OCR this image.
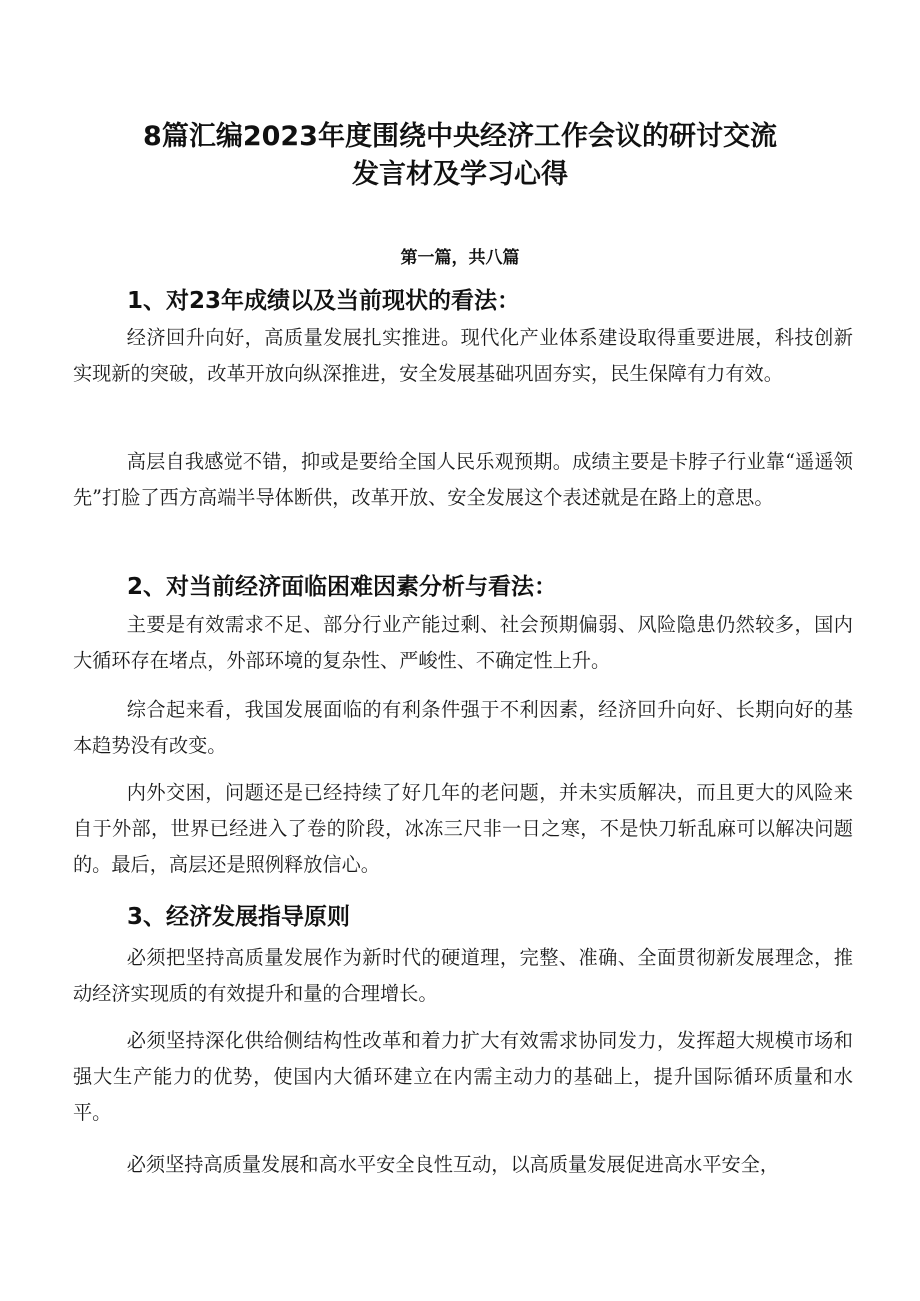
8篇汇编2023年度围绕中央经济工作会议的研讨交流
发言材及学习心得
第一篇，共八篇
1、对23年成绩以及当前现状的看法：

经济回升向好，高质量发展扎实推进。现代化产业体系建设取得重要进展，科技创新实现新的突破，改革开放向纵深推进，安全发展基础巩固夯实，民生保障有力有效。

高层自我感觉不错，抑或是要给全国人民乐观预期。成绩主要是卡脖子行业靠“遥遥领先”打脸了西方高端半导体断供，改革开放、安全发展这个表述就是在路上的意思。

2、对当前经济面临困难因素分析与看法：

主要是有效需求不足、部分行业产能过剩、社会预期偏弱、风险隐患仍然较多，国内大循环存在堵点，外部环境的复杂性、严峻性、不确定性上升。

综合起来看，我国发展面临的有利条件强于不利因素，经济回升向好、长期向好的基本趋势没有改变。

内外交困，问题还是已经持续了好几年的老问题，并未实质解决，而且更大的风险来自于外部，世界已经进入了卷的阶段，冰冻三尺非一日之寒，不是快刀斩乱麻可以解决问题的。最后，高层还是照例释放信心。

3、经济发展指导原则

必须把坚持高质量发展作为新时代的硬道理，完整、准确、全面贯彻新发展理念，推动经济实现质的有效提升和量的合理增长。

必须坚持深化供给侧结构性改革和着力扩大有效需求协同发力，发挥超大规模市场和强大生产能力的优势，使国内大循环建立在内需主动力的基础上，提升国际循环质量和水平。

必须坚持高质量发展和高水平安全良性互动，以高质量发展促进高水平安全，
